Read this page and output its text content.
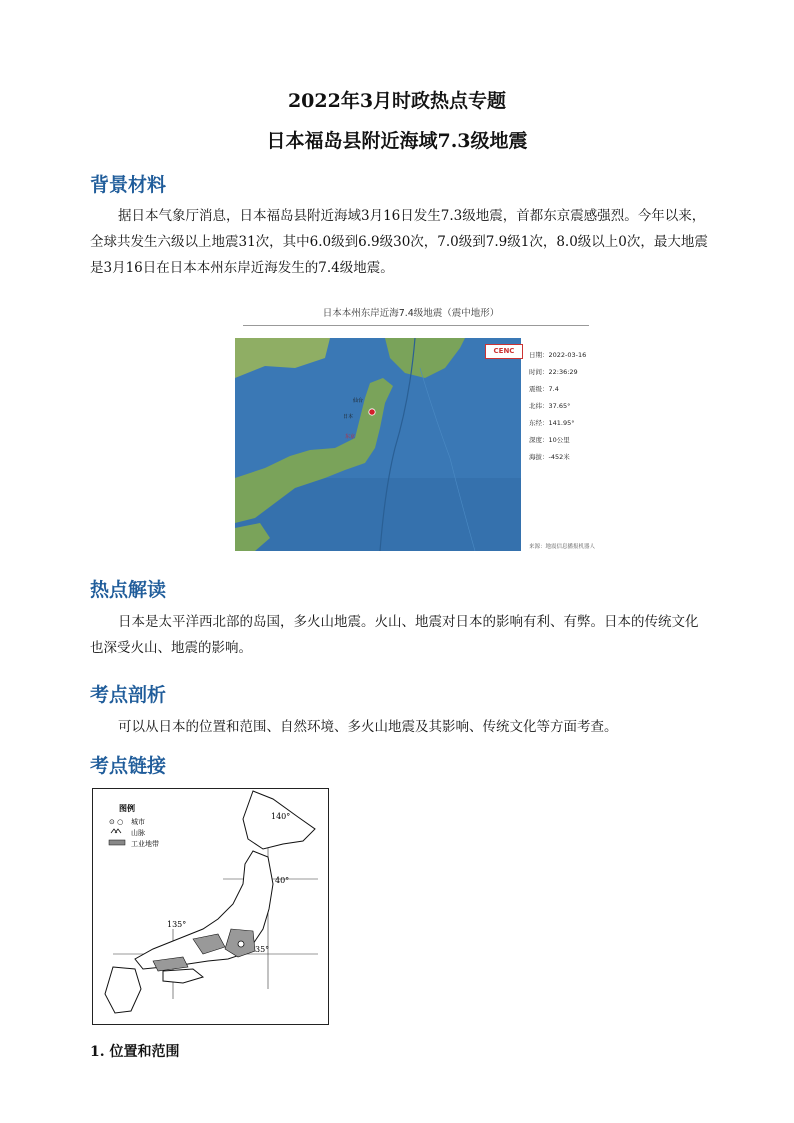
2022年3月时政热点专题
日本福岛县附近海域7.3级地震
背景材料
据日本气象厅消息，日本福岛县附近海域3月16日发生7.3级地震，首都东京震感强烈。今年以来，全球共发生六级以上地震31次，其中6.0级到6.9级30次，7.0级到7.9级1次，8.0级以上0次，最大地震是3月16日在日本本州东岸近海发生的7.4级地震。
日本本州东岸近海7.4级地震（震中地形）
日本
东京
仙台
CENC	日期：2022-03-16
时间：22:36:29
震级：7.4
北纬：37.65°
东经：141.95°
深度：10公里
海拔：-452米
来源：地震信息播报机器人
热点解读
日本是太平洋西北部的岛国，多火山地震。火山、地震对日本的影响有利、有弊。日本的传统文化也深受火山、地震的影响。
考点剖析
可以从日本的位置和范围、自然环境、多火山地震及其影响、传统文化等方面考查。
考点链接
图例
⊙ ○ 城市
山脉
工业地带
140°
40°
135°
35°
1. 位置和范围
